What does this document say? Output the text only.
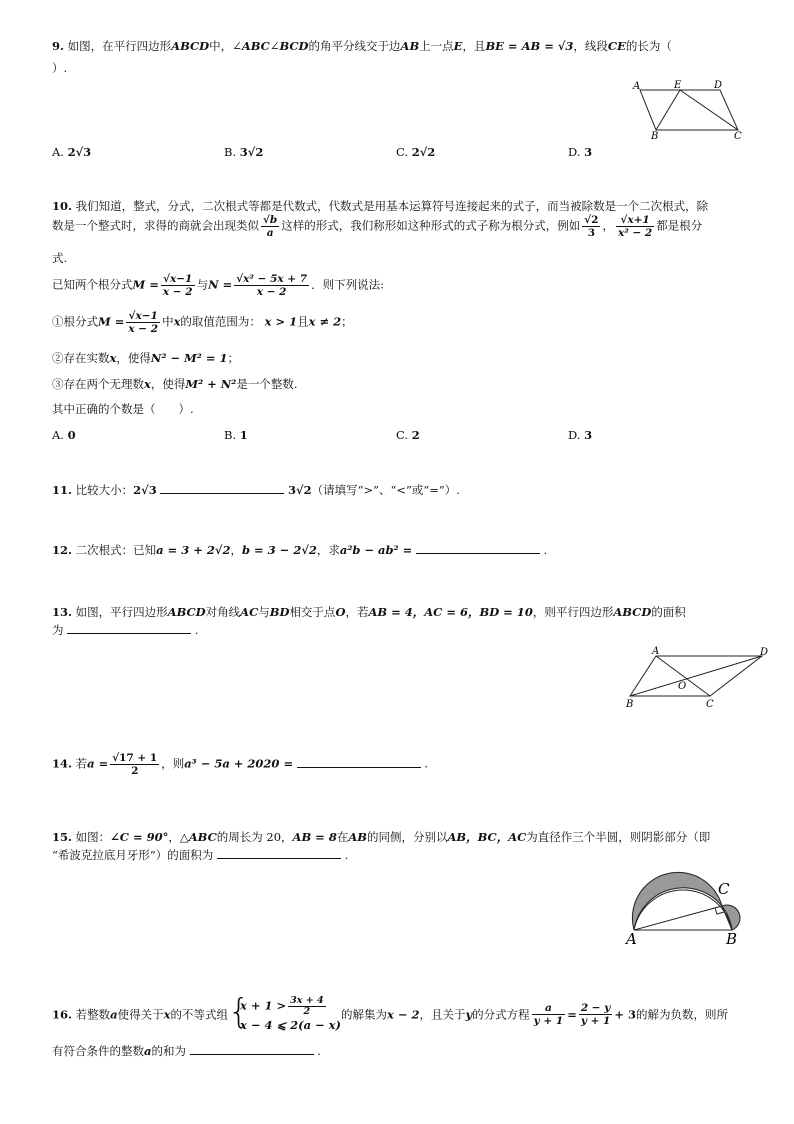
9. 如图，在平行四边形ABCD中，∠ABC∠BCD的角平分线交于边AB上一点E，且BE = AB = √3，线段CE的长为（
）.
A	E	D
B	C
A. 2√3	B. 3√2	C. 2√2	D. 3
10. 我们知道，整式，分式，二次根式等都是代数式，代数式是用基本运算符号连接起来的式子，而当被除数是一个二次根式，除
数是一个整式时，求得的商就会出现类似 $\frac{√b}{a}$ 这样的形式，我们称形如这种形式的式子称为根分式，例如 $\frac{√2}{3}$ ， $\frac{√x+1}{\text{x² − 2}}$ 都是根分
式.
已知两个根分式$M = \frac{√x-1}{x - 2}$ 与$N = \frac{\text{√x² − 5x + 7}}{x - 2}$ ．则下列说法:
①根分式$M = \frac{√x-1}{x - 2}$ 中x的取值范围为： x > 1且x ≠ 2；
②存在实数x，使得N² − M² = 1；
③存在两个无理数x，使得M² + N²是一个整数.
其中正确的个数是（　　）.
A. 0	B. 1	C. 2	D. 3
11. 比较大小：2√3	3√2（请填写“>”、“<”或“=”）.
12. 二次根式：已知a = 3 + 2√2，b = 3 − 2√2，求a²b − ab² =	.
13. 如图，平行四边形ABCD对角线AC与BD相交于点O，若AB = 4，AC = 6，BD = 10，则平行四边形ABCD的面积
为	.
A	D
O
B	C
14. 若$a = \frac{√17 + 1}{2}$ ，则a³ − 5a + 2020 =	.
15. 如图：∠C = 90°，△ABC的周长为 20，AB = 8在AB的同侧，分别以AB，BC，AC为直径作三个半圆，则阴影部分（即
“希波克拉底月牙形”）的面积为	.
C
A	B
16. 若整数a使得关于x的不等式组 {
$x + 1 > \frac{3x + 4}{2}$
x − 4 ⩽ 2(a − x)
的解集为x − 2，且关于y的分式方程 $\frac{a}{y + 1} = \frac{2 - y}{y + 1} + 3$的解为负数，则所
有符合条件的整数a的和为	.
